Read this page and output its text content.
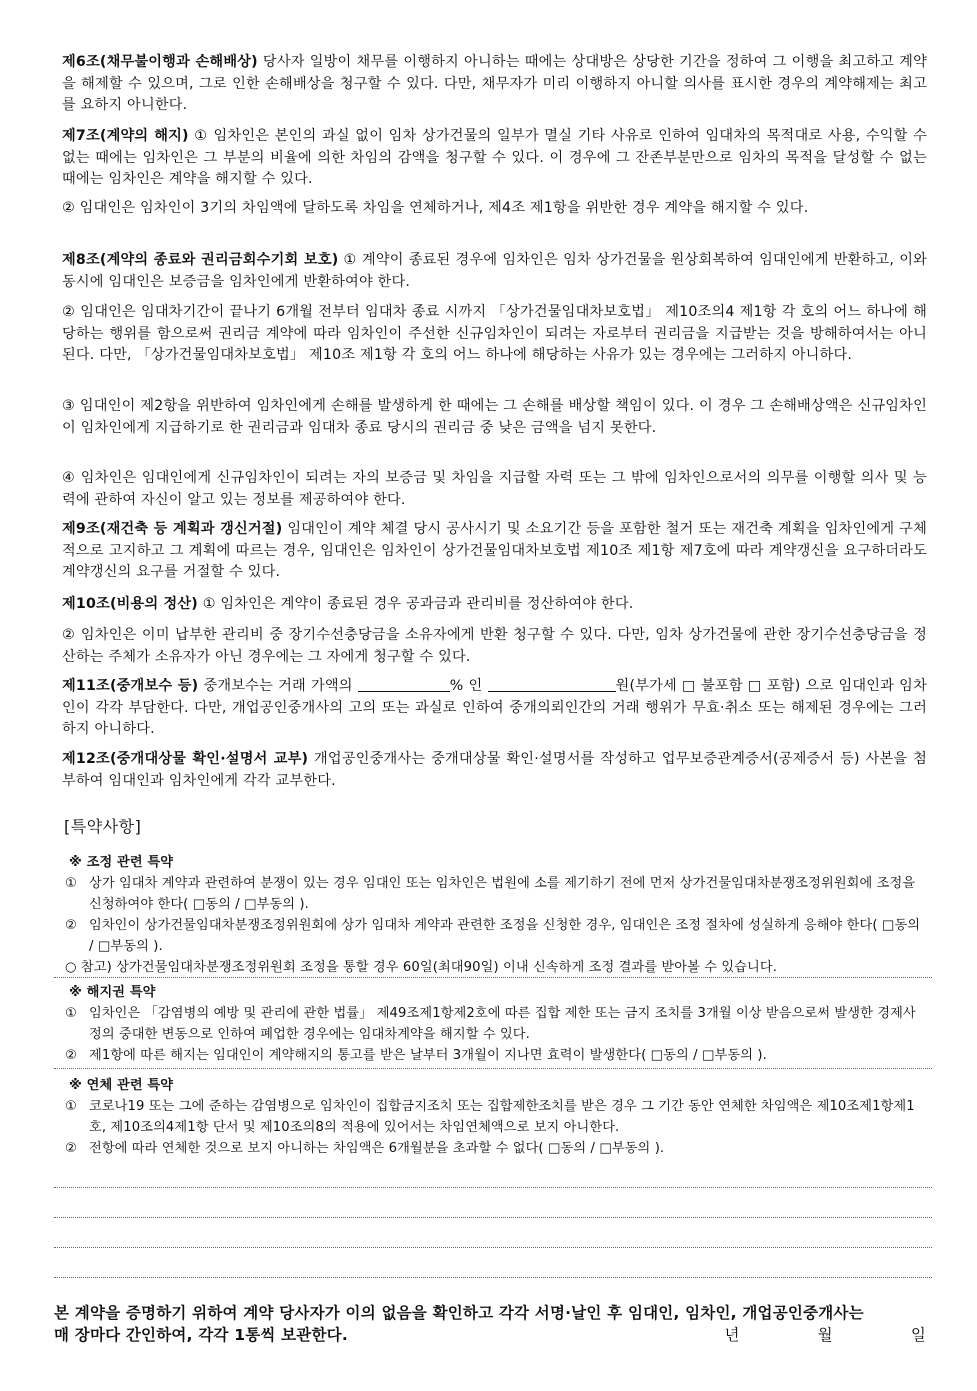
제6조(채무불이행과 손해배상) 당사자 일방이 채무를 이행하지 아니하는 때에는 상대방은 상당한 기간을 정하여 그 이행을 최고하고 계약을 해제할 수 있으며, 그로 인한 손해배상을 청구할 수 있다. 다만, 채무자가 미리 이행하지 아니할 의사를 표시한 경우의 계약해제는 최고를 요하지 아니한다.

제7조(계약의 해지) ① 임차인은 본인의 과실 없이 임차 상가건물의 일부가 멸실 기타 사유로 인하여 임대차의 목적대로 사용, 수익할 수 없는 때에는 임차인은 그 부분의 비율에 의한 차임의 감액을 청구할 수 있다. 이 경우에 그 잔존부분만으로 임차의 목적을 달성할 수 없는 때에는 임차인은 계약을 해지할 수 있다.

② 임대인은 임차인이 3기의 차임액에 달하도록 차임을 연체하거나, 제4조 제1항을 위반한 경우 계약을 해지할 수 있다.

제8조(계약의 종료와 권리금회수기회 보호) ① 계약이 종료된 경우에 임차인은 임차 상가건물을 원상회복하여 임대인에게 반환하고, 이와 동시에 임대인은 보증금을 임차인에게 반환하여야 한다.

② 임대인은 임대차기간이 끝나기 6개월 전부터 임대차 종료 시까지 「상가건물임대차보호법」 제10조의4 제1항 각 호의 어느 하나에 해당하는 행위를 함으로써 권리금 계약에 따라 임차인이 주선한 신규임차인이 되려는 자로부터 권리금을 지급받는 것을 방해하여서는 아니 된다. 다만, 「상가건물임대차보호법」 제10조 제1항 각 호의 어느 하나에 해당하는 사유가 있는 경우에는 그러하지 아니하다.

③ 임대인이 제2항을 위반하여 임차인에게 손해를 발생하게 한 때에는 그 손해를 배상할 책임이 있다. 이 경우 그 손해배상액은 신규임차인이 임차인에게 지급하기로 한 권리금과 임대차 종료 당시의 권리금 중 낮은 금액을 넘지 못한다.

④ 임차인은 임대인에게 신규임차인이 되려는 자의 보증금 및 차임을 지급할 자력 또는 그 밖에 임차인으로서의 의무를 이행할 의사 및 능력에 관하여 자신이 알고 있는 정보를 제공하여야 한다.

제9조(재건축 등 계획과 갱신거절) 임대인이 계약 체결 당시 공사시기 및 소요기간 등을 포함한 철거 또는 재건축 계획을 임차인에게 구체적으로 고지하고 그 계획에 따르는 경우, 임대인은 임차인이 상가건물임대차보호법 제10조 제1항 제7호에 따라 계약갱신을 요구하더라도 계약갱신의 요구를 거절할 수 있다.

제10조(비용의 정산) ① 임차인은 계약이 종료된 경우 공과금과 관리비를 정산하여야 한다.

② 임차인은 이미 납부한 관리비 중 장기수선충당금을 소유자에게 반환 청구할 수 있다. 다만, 임차 상가건물에 관한 장기수선충당금을 정산하는 주체가 소유자가 아닌 경우에는 그 자에게 청구할 수 있다.

제11조(중개보수 등) 중개보수는 거래 가액의	% 인	원(부가세 □ 불포함 □ 포함) 으로 임대인과 임차인이 각각 부담한다. 다만, 개업공인중개사의 고의 또는 과실로 인하여 중개의뢰인간의 거래 행위가 무효·취소 또는 해제된 경우에는 그러하지 아니하다.

제12조(중개대상물 확인·설명서 교부) 개업공인중개사는 중개대상물 확인·설명서를 작성하고 업무보증관계증서(공제증서 등) 사본을 첨부하여 임대인과 임차인에게 각각 교부한다.

[특약사항]
※ 조정 관련 특약
① 상가 임대차 계약과 관련하여 분쟁이 있는 경우 임대인 또는 임차인은 법원에 소를 제기하기 전에 먼저 상가건물임대차분쟁조정위원회에 조정을 신청하여야 한다( □동의 / □부동의 ).
② 임차인이 상가건물임대차분쟁조정위원회에 상가 임대차 계약과 관련한 조정을 신청한 경우, 임대인은 조정 절차에 성실하게 응해야 한다( □동의 / □부동의 ).
○ 참고) 상가건물임대차분쟁조정위원회 조정을 통할 경우 60일(최대90일) 이내 신속하게 조정 결과를 받아볼 수 있습니다.
※ 해지권 특약
① 임차인은 「감염병의 예방 및 관리에 관한 법률」 제49조제1항제2호에 따른 집합 제한 또는 금지 조치를 3개월 이상 받음으로써 발생한 경제사정의 중대한 변동으로 인하여 폐업한 경우에는 임대차계약을 해지할 수 있다.
② 제1항에 따른 해지는 임대인이 계약해지의 통고를 받은 날부터 3개월이 지나면 효력이 발생한다( □동의 / □부동의 ).
※ 연체 관련 특약
① 코로나19 또는 그에 준하는 감염병으로 임차인이 집합금지조치 또는 집합제한조치를 받은 경우 그 기간 동안 연체한 차임액은 제10조제1항제1호, 제10조의4제1항 단서 및 제10조의8의 적용에 있어서는 차임연체액으로 보지 아니한다.
② 전항에 따라 연체한 것으로 보지 아니하는 차임액은 6개월분을 초과할 수 없다( □동의 / □부동의 ).
본 계약을 증명하기 위하여 계약 당사자가 이의 없음을 확인하고 각각 서명·날인 후 임대인, 임차인, 개업공인중개사는
매 장마다 간인하여, 각각 1통씩 보관한다.	년	월	일
